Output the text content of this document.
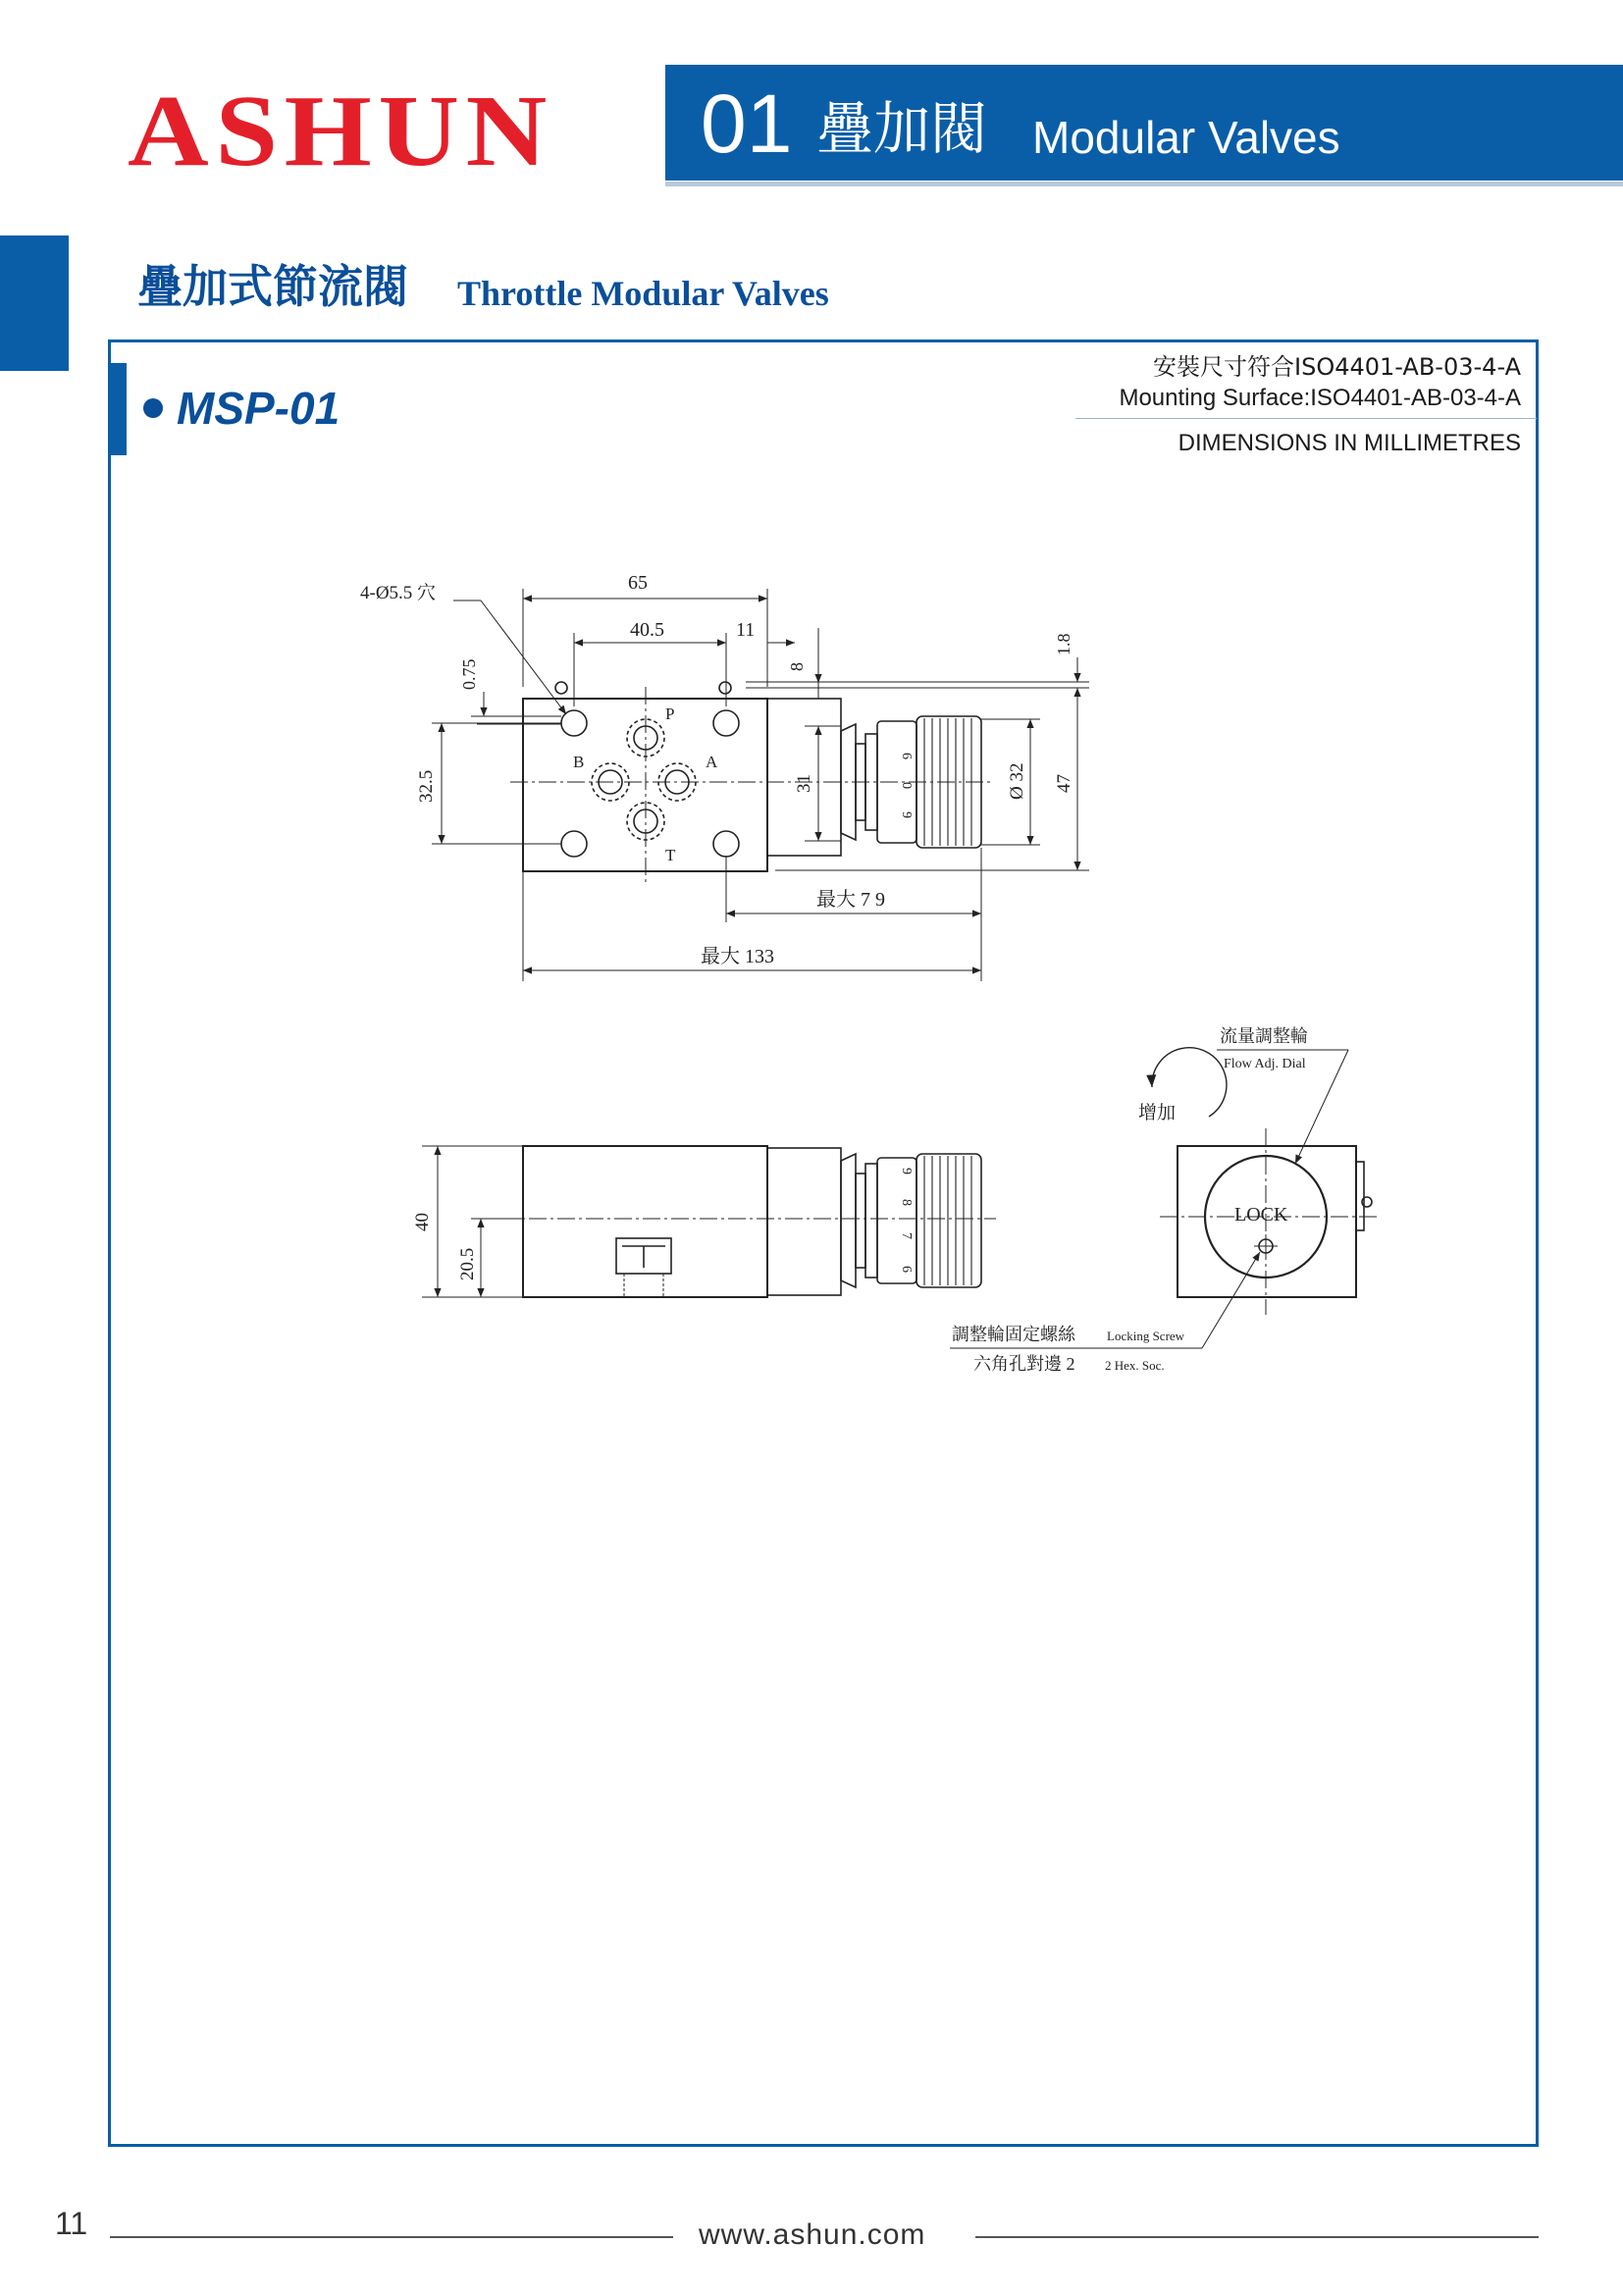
ASHUN 01 疊加閥 Modular Valves
疊加式節流閥 Throttle Modular Valves
MSP-01
安裝尺寸符合ISO4401-AB-03-4-A
Mounting Surface:ISO4401-AB-03-4-A
DIMENSIONS IN MILLIMETRES
P
A
B
T
6
0
9
65
40.5	11
8
1.8
0.75
32.5	31	Ø 32 47
最大 7 9
最大 133
4-Ø5.5 穴
9
8
7
6
40
20.5
LOCK
增加
流量調整輪
Flow Adj. Dial
調整輪固定螺絲 Locking Screw
六角孔對邊 2 2 Hex. Soc.
11	www.ashun.com
